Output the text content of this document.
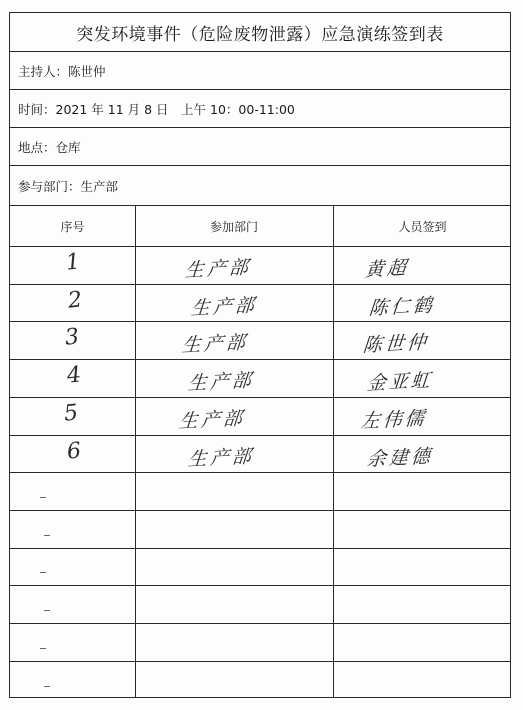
突发环境事件（危险废物泄露）应急演练签到表
主持人：陈世仲
时间：2021 年 11 月 8 日　上午 10：00-11:00
地点：仓库
参与部门：生产部
序号	参加部门	人员签到
1	生产部	黄超
2	生产部	陈仁鹤
3	生产部	陈世仲
4	生产部	金亚虹
5	生产部	左伟儒
6	生产部	余建德
